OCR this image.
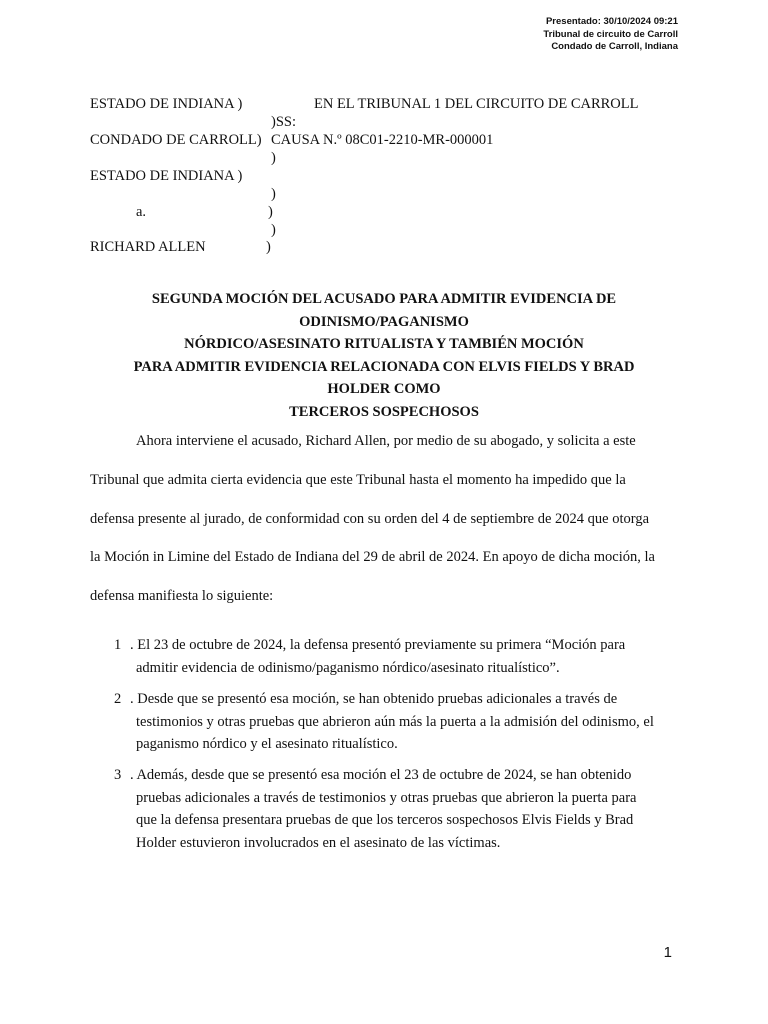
Presentado: 30/10/2024 09:21
Tribunal de circuito de Carroll
Condado de Carroll, Indiana
ESTADO DE INDIANA )	EN EL TRIBUNAL 1 DEL CIRCUITO DE CARROLL
)SS:
CONDADO DE CARROLL) CAUSA N.º 08C01-2210-MR-000001
)
ESTADO DE INDIANA )
)
a.	)
)
RICHARD ALLEN	)
SEGUNDA MOCIÓN DEL ACUSADO PARA ADMITIR EVIDENCIA DE
ODINISMO/PAGANISMO
NÓRDICO/ASESINATO RITUALISTA Y TAMBIÉN MOCIÓN
PARA ADMITIR EVIDENCIA RELACIONADA CON ELVIS FIELDS Y BRAD
HOLDER COMO
TERCEROS SOSPECHOSOS
Ahora interviene el acusado, Richard Allen, por medio de su abogado, y solicita a este
Tribunal que admita cierta evidencia que este Tribunal hasta el momento ha impedido que la
defensa presente al jurado, de conformidad con su orden del 4 de septiembre de 2024 que otorga
la Moción in Limine del Estado de Indiana del 29 de abril de 2024. En apoyo de dicha moción, la
defensa manifiesta lo siguiente:
1 . El 23 de octubre de 2024, la defensa presentó previamente su primera “Moción para
admitir evidencia de odinismo/paganismo nórdico/asesinato ritualístico”.
2 . Desde que se presentó esa moción, se han obtenido pruebas adicionales a través de
testimonios y otras pruebas que abrieron aún más la puerta a la admisión del odinismo, el
paganismo nórdico y el asesinato ritualístico.
3 . Además, desde que se presentó esa moción el 23 de octubre de 2024, se han obtenido
pruebas adicionales a través de testimonios y otras pruebas que abrieron la puerta para
que la defensa presentara pruebas de que los terceros sospechosos Elvis Fields y Brad
Holder estuvieron involucrados en el asesinato de las víctimas.
1
